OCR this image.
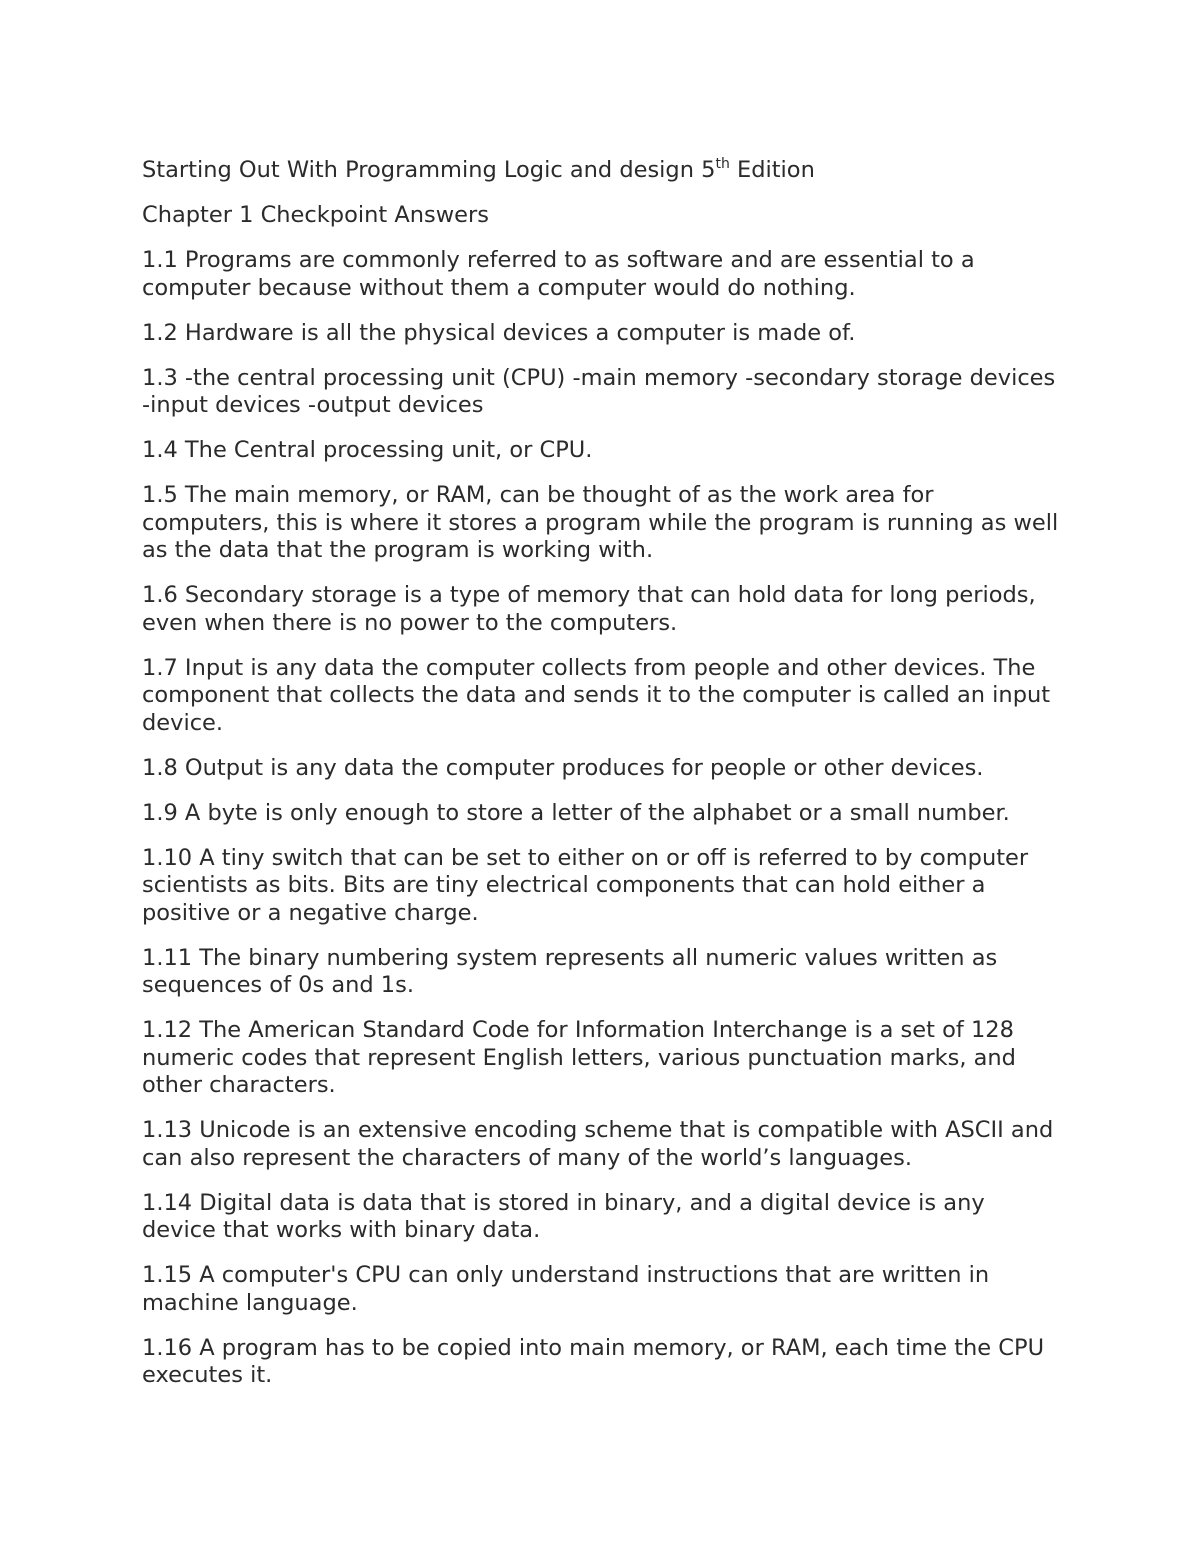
Starting Out With Programming Logic and design 5th Edition

Chapter 1 Checkpoint Answers

1.1 Programs are commonly referred to as software and are essential to a computer because without them a computer would do nothing.

1.2 Hardware is all the physical devices a computer is made of.

1.3 -the central processing unit (CPU) -main memory -secondary storage devices -input devices -output devices

1.4 The Central processing unit, or CPU.

1.5 The main memory, or RAM, can be thought of as the work area for computers, this is where it stores a program while the program is running as well as the data that the program is working with.

1.6 Secondary storage is a type of memory that can hold data for long periods, even when there is no power to the computers.

1.7 Input is any data the computer collects from people and other devices. The component that collects the data and sends it to the computer is called an input device.

1.8 Output is any data the computer produces for people or other devices.

1.9 A byte is only enough to store a letter of the alphabet or a small number.

1.10 A tiny switch that can be set to either on or off is referred to by computer scientists as bits. Bits are tiny electrical components that can hold either a positive or a negative charge.

1.11 The binary numbering system represents all numeric values written as sequences of 0s and 1s.

1.12 The American Standard Code for Information Interchange is a set of 128 numeric codes that represent English letters, various punctuation marks, and other characters.

1.13 Unicode is an extensive encoding scheme that is compatible with ASCII and can also represent the characters of many of the world’s languages.

1.14 Digital data is data that is stored in binary, and a digital device is any device that works with binary data.

1.15 A computer's CPU can only understand instructions that are written in machine language.

1.16 A program has to be copied into main memory, or RAM, each time the CPU executes it.
